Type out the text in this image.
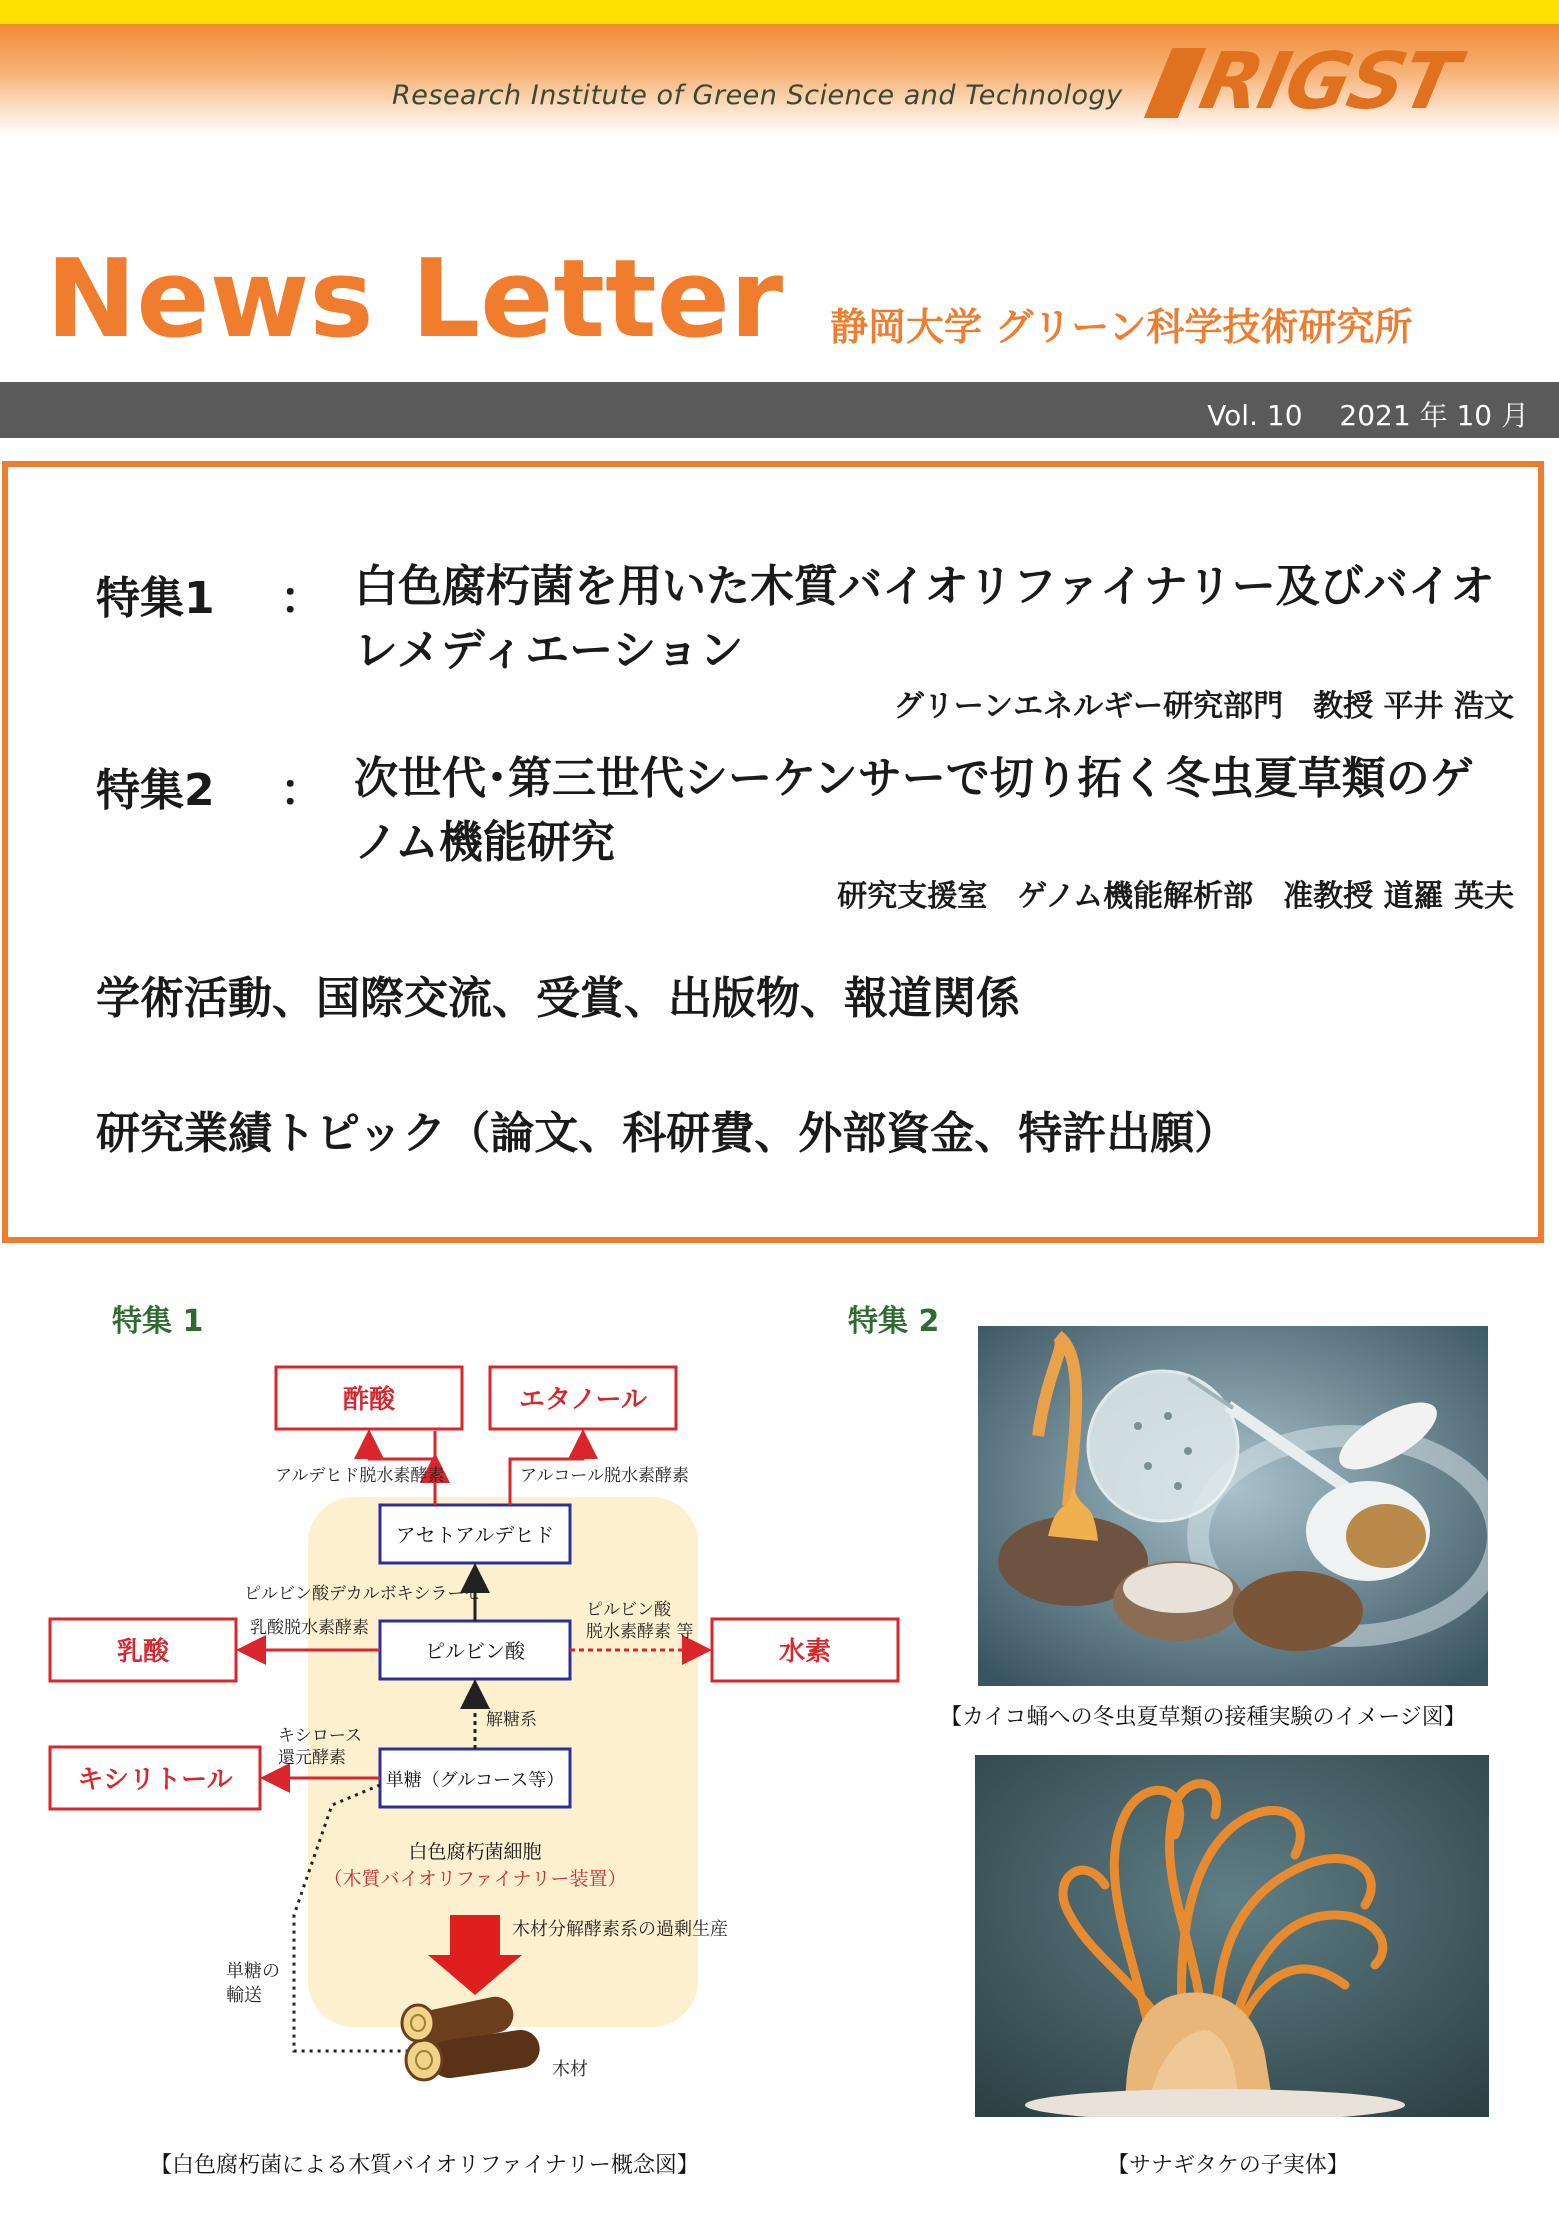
Research Institute of Green Science and Technology RIGST
News Letter 静岡大学 グリーン科学技術研究所
Vol. 10　 2021 年 10 月
特集1 ： 白色腐朽菌を用いた木質バイオリファイナリー及びバイオレメディエーション
グリーンエネルギー研究部門　教授 平井 浩文
特集2 ： 次世代･第三世代シーケンサーで切り拓く冬虫夏草類のゲノム機能研究
研究支援室　ゲノム機能解析部　准教授 道羅 英夫
学術活動、国際交流、受賞、出版物、報道関係
研究業績トピック（論文、科研費、外部資金、特許出願）
特集 1	特集 2
酢酸	エタノール
乳酸	水素
キシリトール
アセトアルデヒド
ピルビン酸
単糖（グルコース等）
アルデヒド脱水素酵素	アルコール脱水素酵素
ピルビン酸デカルボキシラーゼ
乳酸脱水素酵素
ピルビン酸
脱水素酵素 等
解糖系
キシロース
還元酵素
白色腐朽菌細胞
（木質バイオリファイナリー装置）
木材分解酵素系の過剰生産
単糖の
輸送
木材
【白色腐朽菌による木質バイオリファイナリー概念図】
【カイコ蛹への冬虫夏草類の接種実験のイメージ図】
【サナギタケの子実体】
